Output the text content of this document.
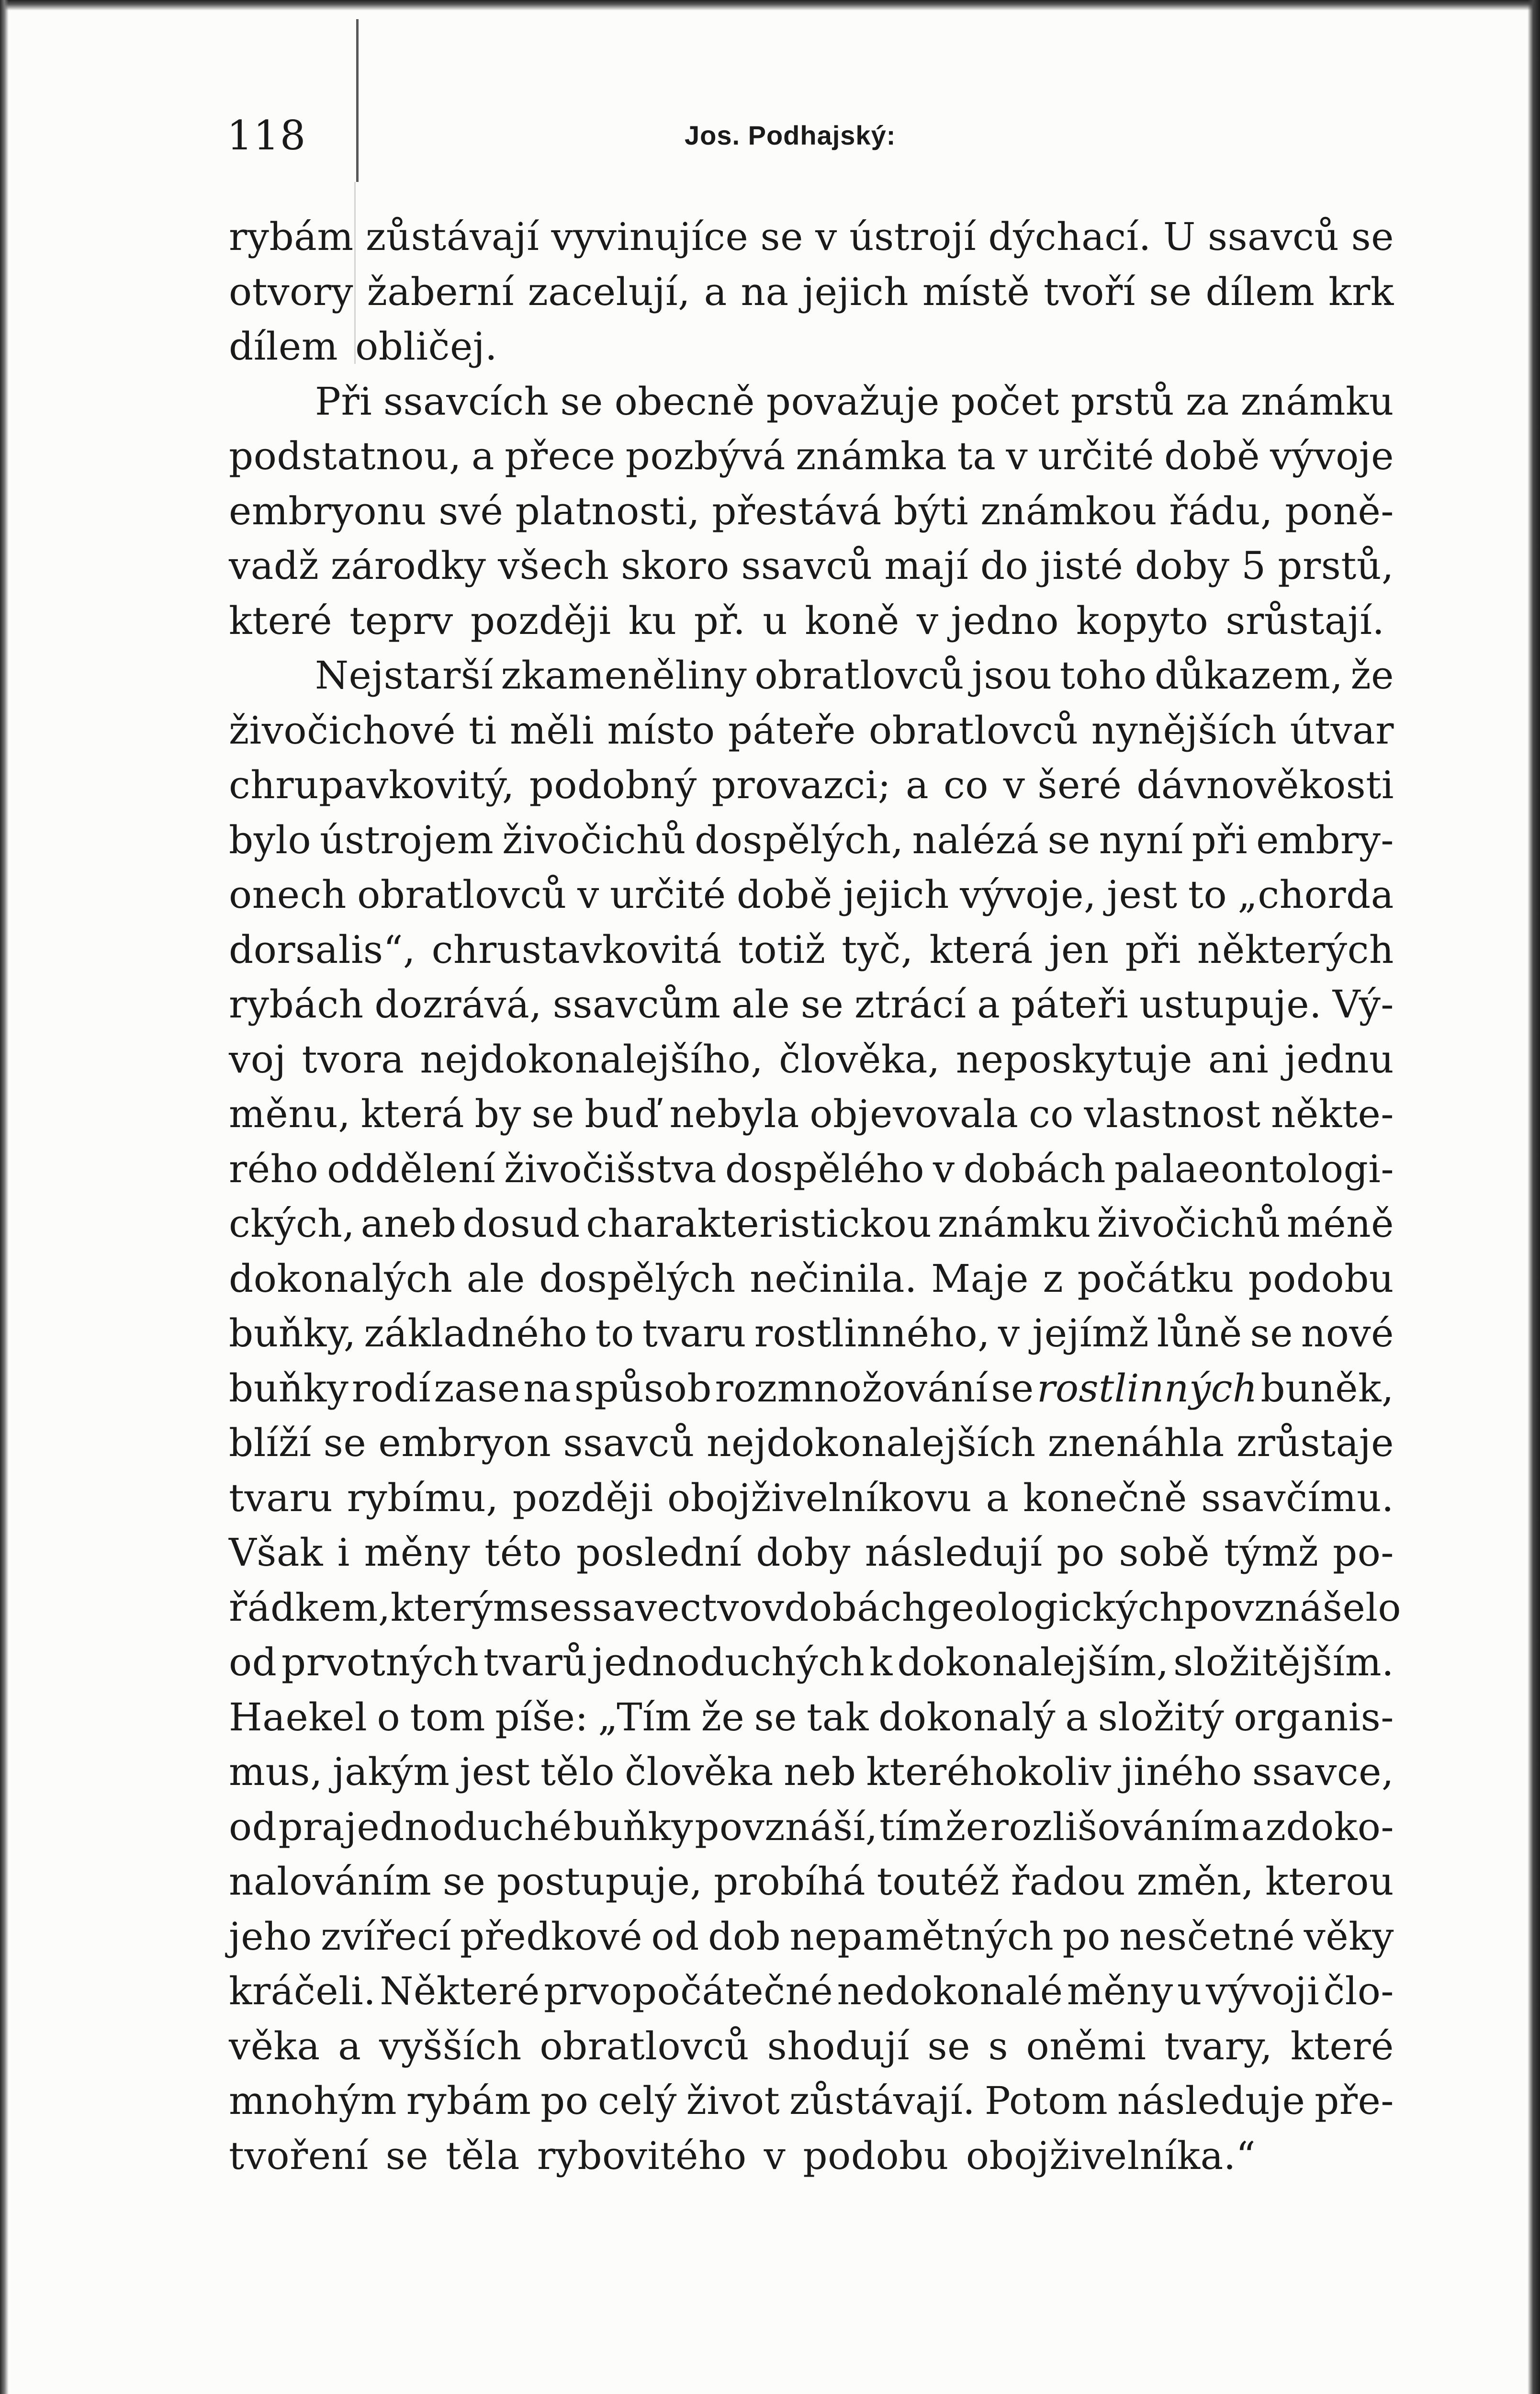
118	Jos. Podhajský:
rybám zůstávají vyvinujíce se v ústrojí dýchací. U ssavců se
otvory žaberní zacelují, a na jejich místě tvoří se dílem krk
dílem obličej.
Při ssavcích se obecně považuje počet prstů za známku
podstatnou, a přece pozbývá známka ta v určité době vývoje
embryonu své platnosti, přestává býti známkou řádu, poně-
vadž zárodky všech skoro ssavců mají do jisté doby 5 prstů,
které teprv později ku př. u koně v jedno kopyto srůstají.
Nejstarší zkameněliny obratlovců jsou toho důkazem, že
živočichové ti měli místo páteře obratlovců nynějších útvar
chrupavkovitý, podobný provazci; a co v šeré dávnověkosti
bylo ústrojem živočichů dospělých, nalézá se nyní při embry-
onech obratlovců v určité době jejich vývoje, jest to „chorda
dorsalis“, chrustavkovitá totiž tyč, která jen při některých
rybách dozrává, ssavcům ale se ztrácí a páteři ustupuje. Vý-
voj tvora nejdokonalejšího, člověka, neposkytuje ani jednu
měnu, která by se buď nebyla objevovala co vlastnost někte-
rého oddělení živočišstva dospělého v dobách palaeontologi-
ckých, aneb dosud charakteristickou známku živočichů méně
dokonalých ale dospělých nečinila. Maje z počátku podobu
buňky, základného to tvaru rostlinného, v jejímž lůně se nové
buňky rodí zase na spůsob rozmnožování se rostlinných buněk,
blíží se embryon ssavců nejdokonalejších znenáhla zrůstaje
tvaru rybímu, později obojživelníkovu a konečně ssavčímu.
Však i měny této poslední doby následují po sobě týmž po-
řádkem, kterým se ssavectvo v dobách geologických povznášelo
od prvotných tvarů jednoduchých k dokonalejším, složitějším.
Haekel o tom píše: „Tím že se tak dokonalý a složitý organis-
mus, jakým jest tělo člověka neb kteréhokoliv jiného ssavce,
od prajednoduché buňky povznáší, tím že rozlišováním a zdoko-
nalováním se postupuje, probíhá toutéž řadou změn, kterou
jeho zvířecí předkové od dob nepamětných po nesčetné věky
kráčeli. Některé prvopočátečné nedokonalé měny u vývoji člo-
věka a vyšších obratlovců shodují se s oněmi tvary, které
mnohým rybám po celý život zůstávají. Potom následuje pře-
tvoření se těla rybovitého v podobu obojživelníka.“
